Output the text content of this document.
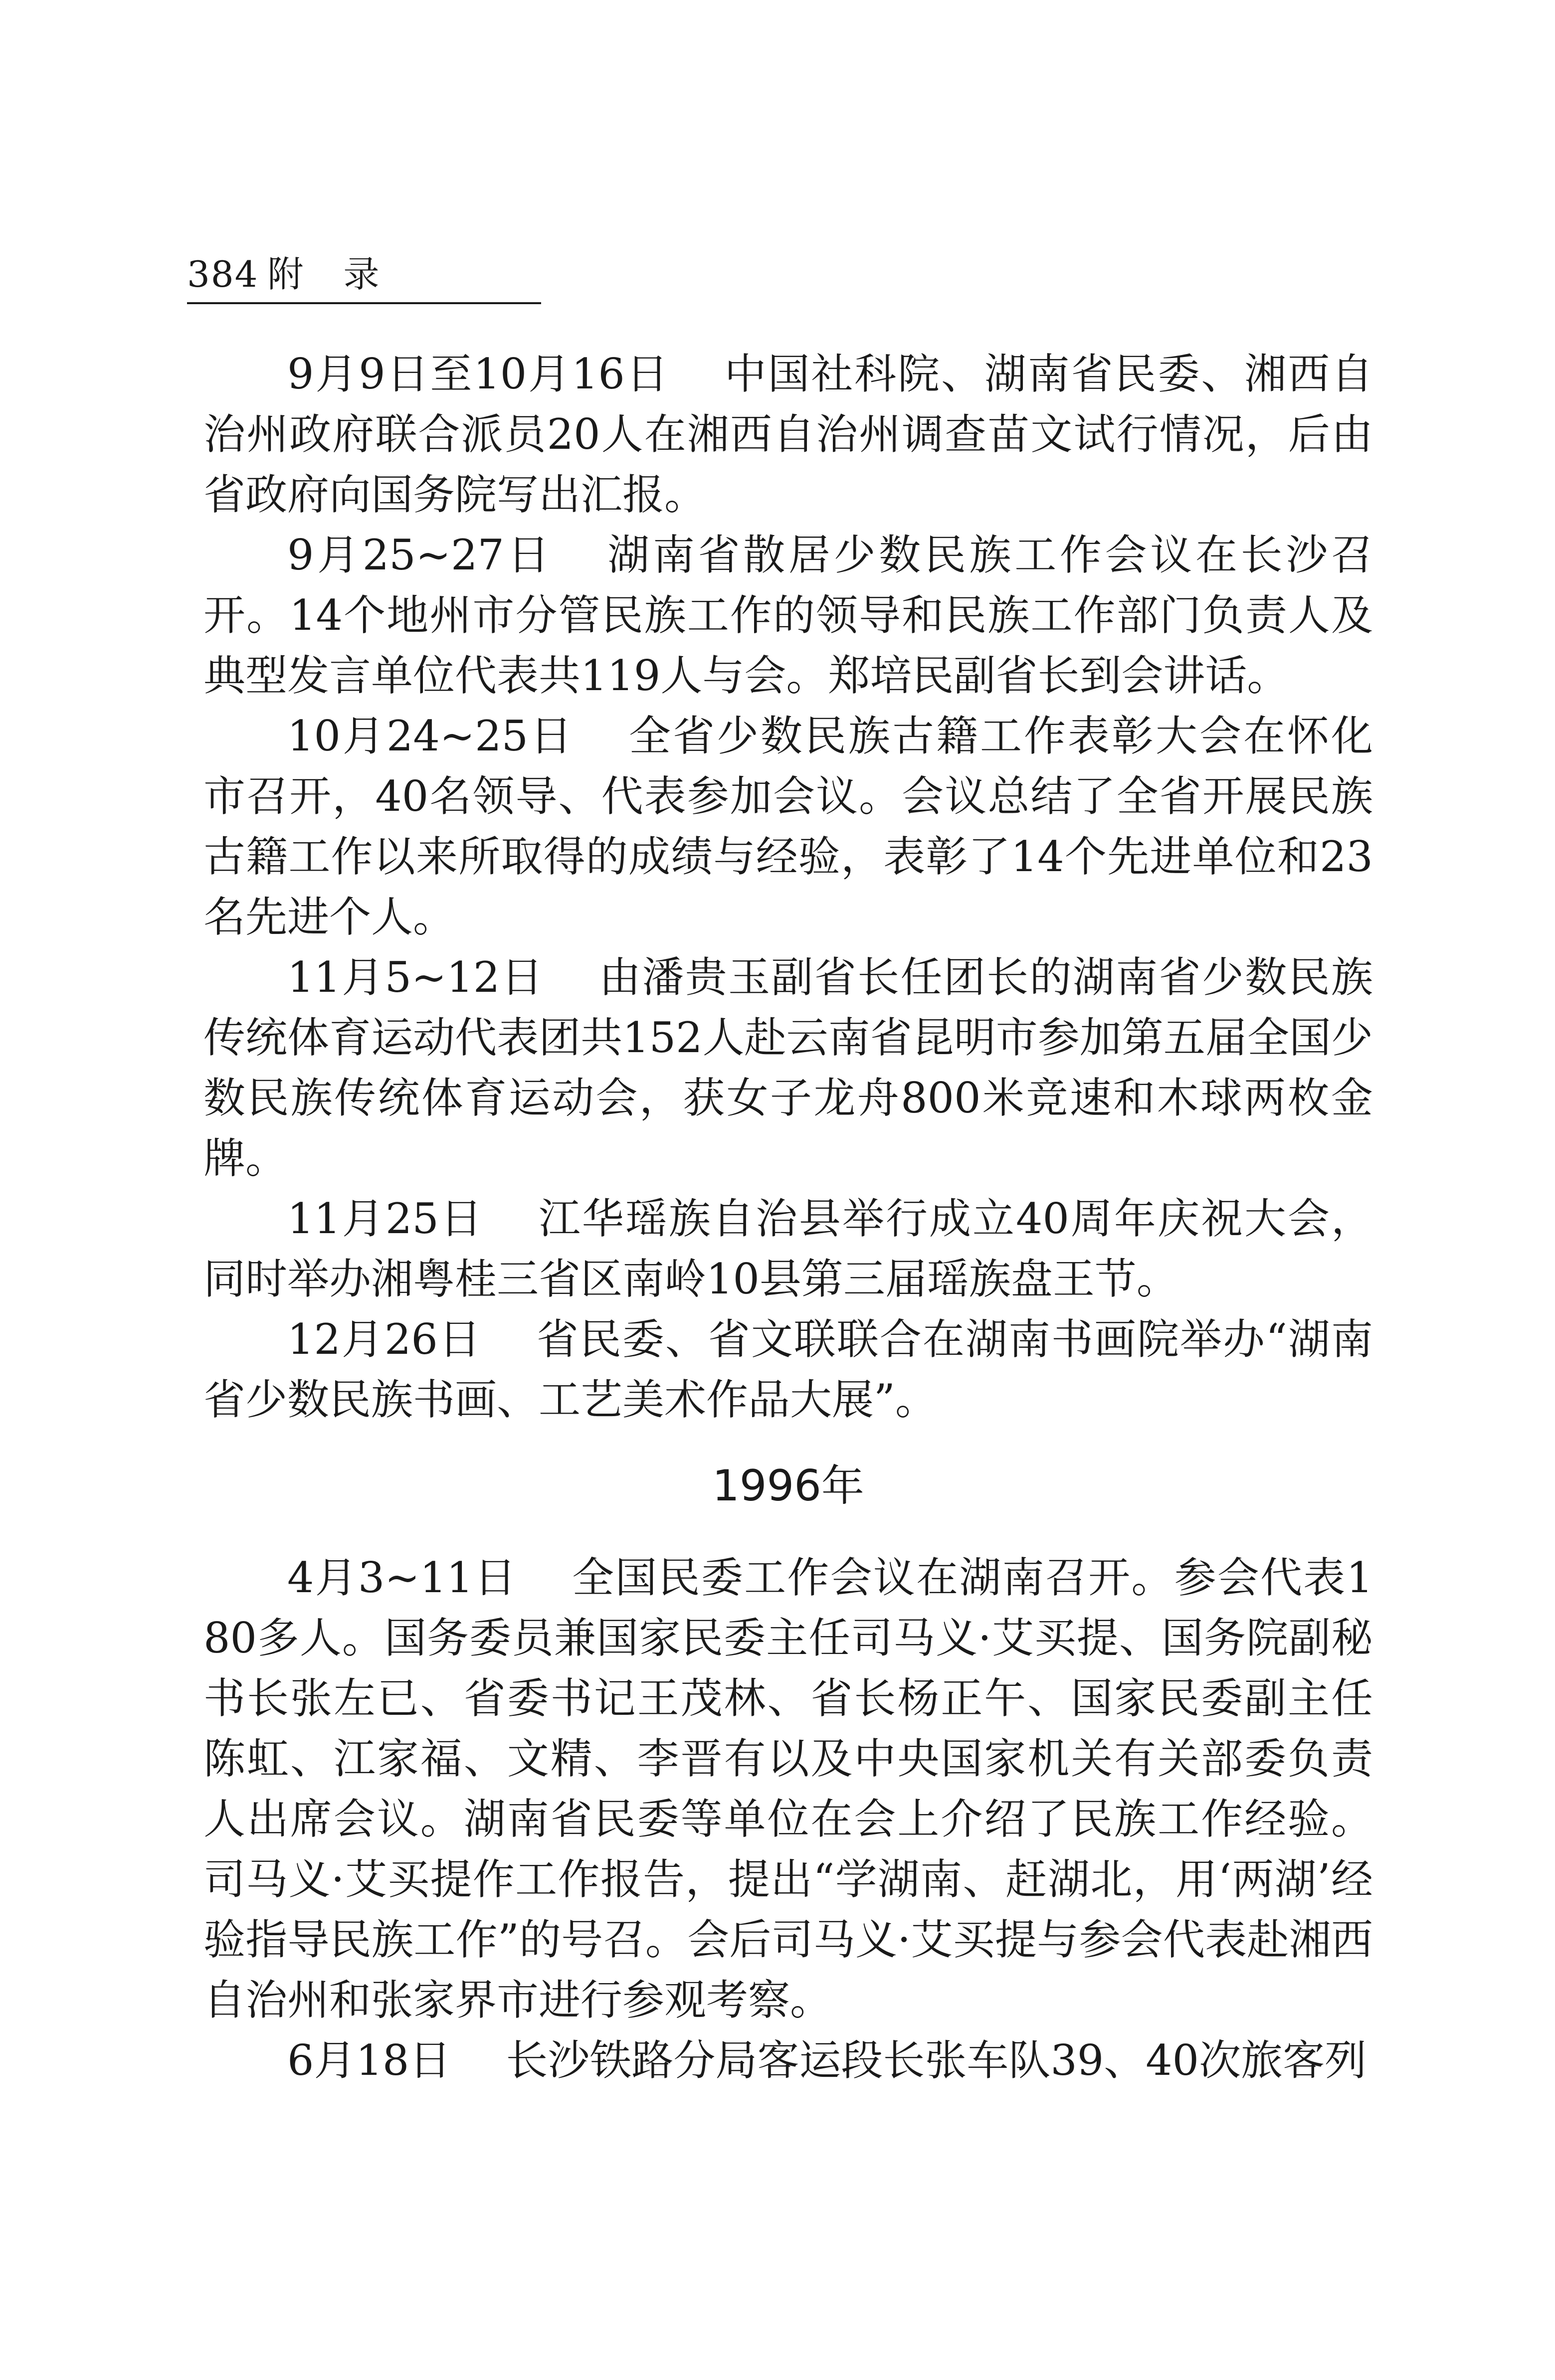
384 附录

9月9日至10月16日 中国社科院、湖南省民委、湘西自治州政府联合派员20人在湘西自治州调查苗文试行情况，后由省政府向国务院写出汇报。

9月25~27日 湖南省散居少数民族工作会议在长沙召开。14个地州市分管民族工作的领导和民族工作部门负责人及典型发言单位代表共119人与会。郑培民副省长到会讲话。

10月24~25日 全省少数民族古籍工作表彰大会在怀化市召开，40名领导、代表参加会议。会议总结了全省开展民族古籍工作以来所取得的成绩与经验，表彰了14个先进单位和23名先进个人。

11月5~12日 由潘贵玉副省长任团长的湖南省少数民族传统体育运动代表团共152人赴云南省昆明市参加第五届全国少数民族传统体育运动会，获女子龙舟800米竞速和木球两枚金牌。

11月25日 江华瑶族自治县举行成立40周年庆祝大会，同时举办湘粤桂三省区南岭10县第三届瑶族盘王节。

12月26日 省民委、省文联联合在湖南书画院举办“湖南省少数民族书画、工艺美术作品大展”。

1996年

4月3~11日 全国民委工作会议在湖南召开。参会代表180多人。国务委员兼国家民委主任司马义·艾买提、国务院副秘书长张左已、省委书记王茂林、省长杨正午、国家民委副主任陈虹、江家福、文精、李晋有以及中央国家机关有关部委负责人出席会议。湖南省民委等单位在会上介绍了民族工作经验。司马义·艾买提作工作报告，提出“学湖南、赶湖北，用‘两湖’经验指导民族工作”的号召。会后司马义·艾买提与参会代表赴湘西自治州和张家界市进行参观考察。

6月18日 长沙铁路分局客运段长张车队39、40次旅客列
